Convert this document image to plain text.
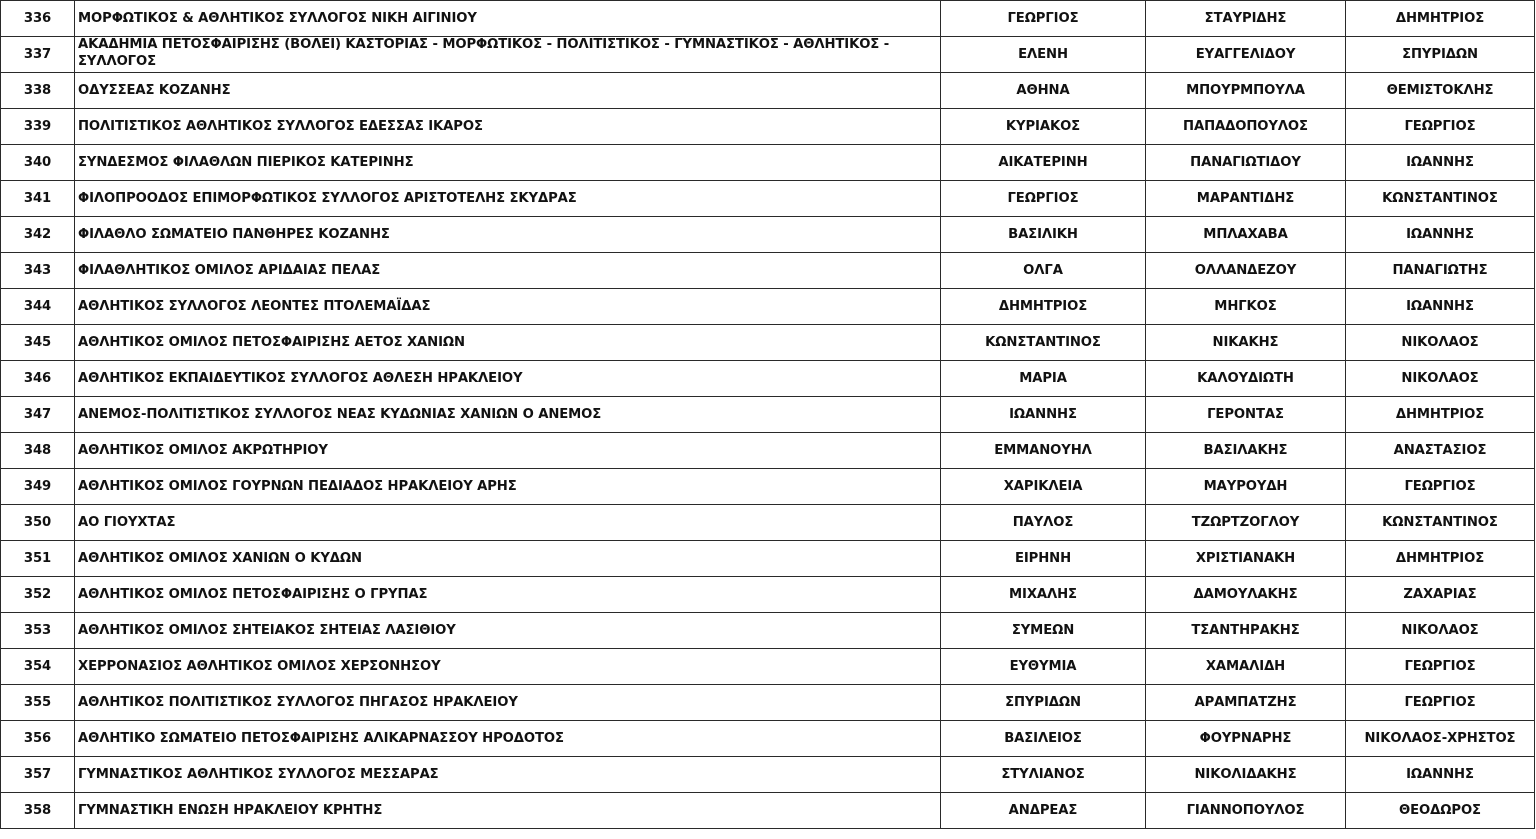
336	ΜΟΡΦΩΤΙΚΟΣ & ΑΘΛΗΤΙΚΟΣ ΣΥΛΛΟΓΟΣ ΝΙΚΗ ΑΙΓΙΝΙΟΥ	ΓΕΩΡΓΙΟΣ	ΣΤΑΥΡΙΔΗΣ	ΔΗΜΗΤΡΙΟΣ
337	ΑΚΑΔΗΜΙΑ ΠΕΤΟΣΦΑΙΡΙΣΗΣ (ΒΟΛΕΙ) ΚΑΣΤΟΡΙΑΣ - ΜΟΡΦΩΤΙΚΟΣ - ΠΟΛΙΤΙΣΤΙΚΟΣ - ΓΥΜΝΑΣΤΙΚΟΣ - ΑΘΛΗΤΙΚΟΣ - ΣΥΛΛΟΓΟΣ	ΕΛΕΝΗ	ΕΥΑΓΓΕΛΙΔΟΥ	ΣΠΥΡΙΔΩΝ
338	ΟΔΥΣΣΕΑΣ ΚΟΖΑΝΗΣ	ΑΘΗΝΑ	ΜΠΟΥΡΜΠΟΥΛΑ	ΘΕΜΙΣΤΟΚΛΗΣ
339	ΠΟΛΙΤΙΣΤΙΚΟΣ ΑΘΛΗΤΙΚΟΣ ΣΥΛΛΟΓΟΣ ΕΔΕΣΣΑΣ ΙΚΑΡΟΣ	ΚΥΡΙΑΚΟΣ	ΠΑΠΑΔΟΠΟΥΛΟΣ	ΓΕΩΡΓΙΟΣ
340	ΣΥΝΔΕΣΜΟΣ ΦΙΛΑΘΛΩΝ ΠΙΕΡΙΚΟΣ ΚΑΤΕΡΙΝΗΣ	ΑΙΚΑΤΕΡΙΝΗ	ΠΑΝΑΓΙΩΤΙΔΟΥ	ΙΩΑΝΝΗΣ
341	ΦΙΛΟΠΡΟΟΔΟΣ ΕΠΙΜΟΡΦΩΤΙΚΟΣ ΣΥΛΛΟΓΟΣ ΑΡΙΣΤΟΤΕΛΗΣ ΣΚΥΔΡΑΣ	ΓΕΩΡΓΙΟΣ	ΜΑΡΑΝΤΙΔΗΣ	ΚΩΝΣΤΑΝΤΙΝΟΣ
342	ΦΙΛΑΘΛΟ ΣΩΜΑΤΕΙΟ ΠΑΝΘΗΡΕΣ ΚΟΖΑΝΗΣ	ΒΑΣΙΛΙΚΗ	ΜΠΛΑΧΑΒΑ	ΙΩΑΝΝΗΣ
343	ΦΙΛΑΘΛΗΤΙΚΟΣ ΟΜΙΛΟΣ ΑΡΙΔΑΙΑΣ ΠΕΛΑΣ	ΟΛΓΑ	ΟΛΛΑΝΔΕΖΟΥ	ΠΑΝΑΓΙΩΤΗΣ
344	ΑΘΛΗΤΙΚΟΣ ΣΥΛΛΟΓΟΣ ΛΕΟΝΤΕΣ ΠΤΟΛΕΜΑΪΔΑΣ	ΔΗΜΗΤΡΙΟΣ	ΜΗΓΚΟΣ	ΙΩΑΝΝΗΣ
345	ΑΘΛΗΤΙΚΟΣ ΟΜΙΛΟΣ ΠΕΤΟΣΦΑΙΡΙΣΗΣ ΑΕΤΟΣ ΧΑΝΙΩΝ	ΚΩΝΣΤΑΝΤΙΝΟΣ	ΝΙΚΑΚΗΣ	ΝΙΚΟΛΑΟΣ
346	ΑΘΛΗΤΙΚΟΣ ΕΚΠΑΙΔΕΥΤΙΚΟΣ ΣΥΛΛΟΓΟΣ ΑΘΛΕΣΗ ΗΡΑΚΛΕΙΟΥ	ΜΑΡΙΑ	ΚΑΛΟΥΔΙΩΤΗ	ΝΙΚΟΛΑΟΣ
347	ΑΝΕΜΟΣ-ΠΟΛΙΤΙΣΤΙΚΟΣ ΣΥΛΛΟΓΟΣ ΝΕΑΣ ΚΥΔΩΝΙΑΣ ΧΑΝΙΩΝ Ο ΑΝΕΜΟΣ	ΙΩΑΝΝΗΣ	ΓΕΡΟΝΤΑΣ	ΔΗΜΗΤΡΙΟΣ
348	ΑΘΛΗΤΙΚΟΣ ΟΜΙΛΟΣ ΑΚΡΩΤΗΡΙΟΥ	ΕΜΜΑΝΟΥΗΛ	ΒΑΣΙΛΑΚΗΣ	ΑΝΑΣΤΑΣΙΟΣ
349	ΑΘΛΗΤΙΚΟΣ ΟΜΙΛΟΣ ΓΟΥΡΝΩΝ ΠΕΔΙΑΔΟΣ ΗΡΑΚΛΕΙΟΥ ΑΡΗΣ	ΧΑΡΙΚΛΕΙΑ	ΜΑΥΡΟΥΔΗ	ΓΕΩΡΓΙΟΣ
350	ΑΟ ΓΙΟΥΧΤΑΣ	ΠΑΥΛΟΣ	ΤΖΩΡΤΖΟΓΛΟΥ	ΚΩΝΣΤΑΝΤΙΝΟΣ
351	ΑΘΛΗΤΙΚΟΣ ΟΜΙΛΟΣ ΧΑΝΙΩΝ Ο ΚΥΔΩΝ	ΕΙΡΗΝΗ	ΧΡΙΣΤΙΑΝΑΚΗ	ΔΗΜΗΤΡΙΟΣ
352	ΑΘΛΗΤΙΚΟΣ ΟΜΙΛΟΣ ΠΕΤΟΣΦΑΙΡΙΣΗΣ Ο ΓΡΥΠΑΣ	ΜΙΧΑΛΗΣ	ΔΑΜΟΥΛΑΚΗΣ	ΖΑΧΑΡΙΑΣ
353	ΑΘΛΗΤΙΚΟΣ ΟΜΙΛΟΣ ΣΗΤΕΙΑΚΟΣ ΣΗΤΕΙΑΣ ΛΑΣΙΘΙΟΥ	ΣΥΜΕΩΝ	ΤΣΑΝΤΗΡΑΚΗΣ	ΝΙΚΟΛΑΟΣ
354	ΧΕΡΡΟΝΑΣΙΟΣ ΑΘΛΗΤΙΚΟΣ ΟΜΙΛΟΣ ΧΕΡΣΟΝΗΣΟΥ	ΕΥΘΥΜΙΑ	ΧΑΜΑΛΙΔΗ	ΓΕΩΡΓΙΟΣ
355	ΑΘΛΗΤΙΚΟΣ ΠΟΛΙΤΙΣΤΙΚΟΣ ΣΥΛΛΟΓΟΣ ΠΗΓΑΣΟΣ ΗΡΑΚΛΕΙΟΥ	ΣΠΥΡΙΔΩΝ	ΑΡΑΜΠΑΤΖΗΣ	ΓΕΩΡΓΙΟΣ
356	ΑΘΛΗΤΙΚΟ ΣΩΜΑΤΕΙΟ ΠΕΤΟΣΦΑΙΡΙΣΗΣ ΑΛΙΚΑΡΝΑΣΣΟΥ ΗΡΟΔΟΤΟΣ	ΒΑΣΙΛΕΙΟΣ	ΦΟΥΡΝΑΡΗΣ	ΝΙΚΟΛΑΟΣ-ΧΡΗΣΤΟΣ
357	ΓΥΜΝΑΣΤΙΚΟΣ ΑΘΛΗΤΙΚΟΣ ΣΥΛΛΟΓΟΣ ΜΕΣΣΑΡΑΣ	ΣΤΥΛΙΑΝΟΣ	ΝΙΚΟΛΙΔΑΚΗΣ	ΙΩΑΝΝΗΣ
358	ΓΥΜΝΑΣΤΙΚΗ ΕΝΩΣΗ ΗΡΑΚΛΕΙΟΥ ΚΡΗΤΗΣ	ΑΝΔΡΕΑΣ	ΓΙΑΝΝΟΠΟΥΛΟΣ	ΘΕΟΔΩΡΟΣ
